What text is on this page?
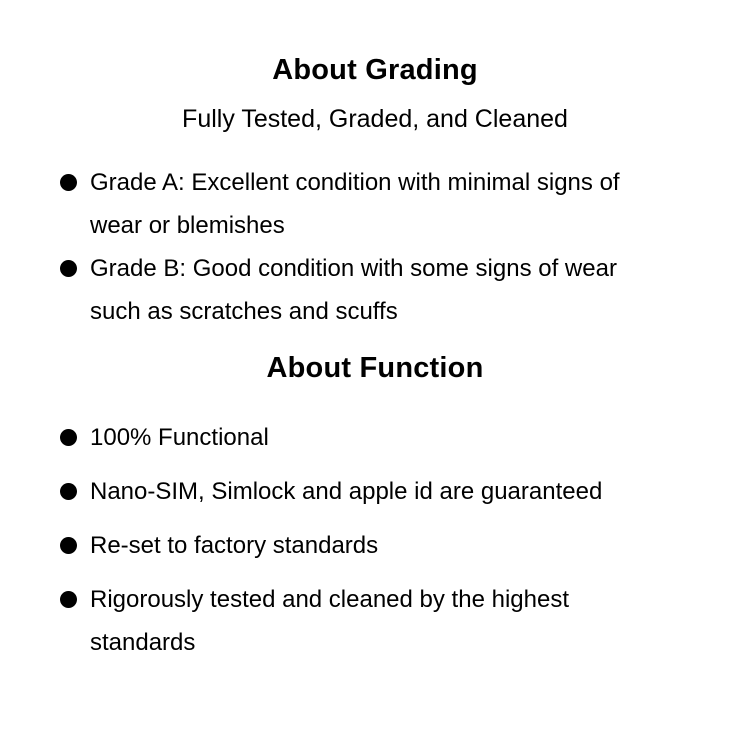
About Grading
Fully Tested, Graded, and Cleaned
Grade A: Excellent condition with minimal signs of wear or blemishes
Grade B: Good condition with some signs of wear such as scratches and scuffs
About Function
100% Functional
Nano-SIM, Simlock and apple id are guaranteed
Re-set to factory standards
Rigorously tested and cleaned by the highest standards
